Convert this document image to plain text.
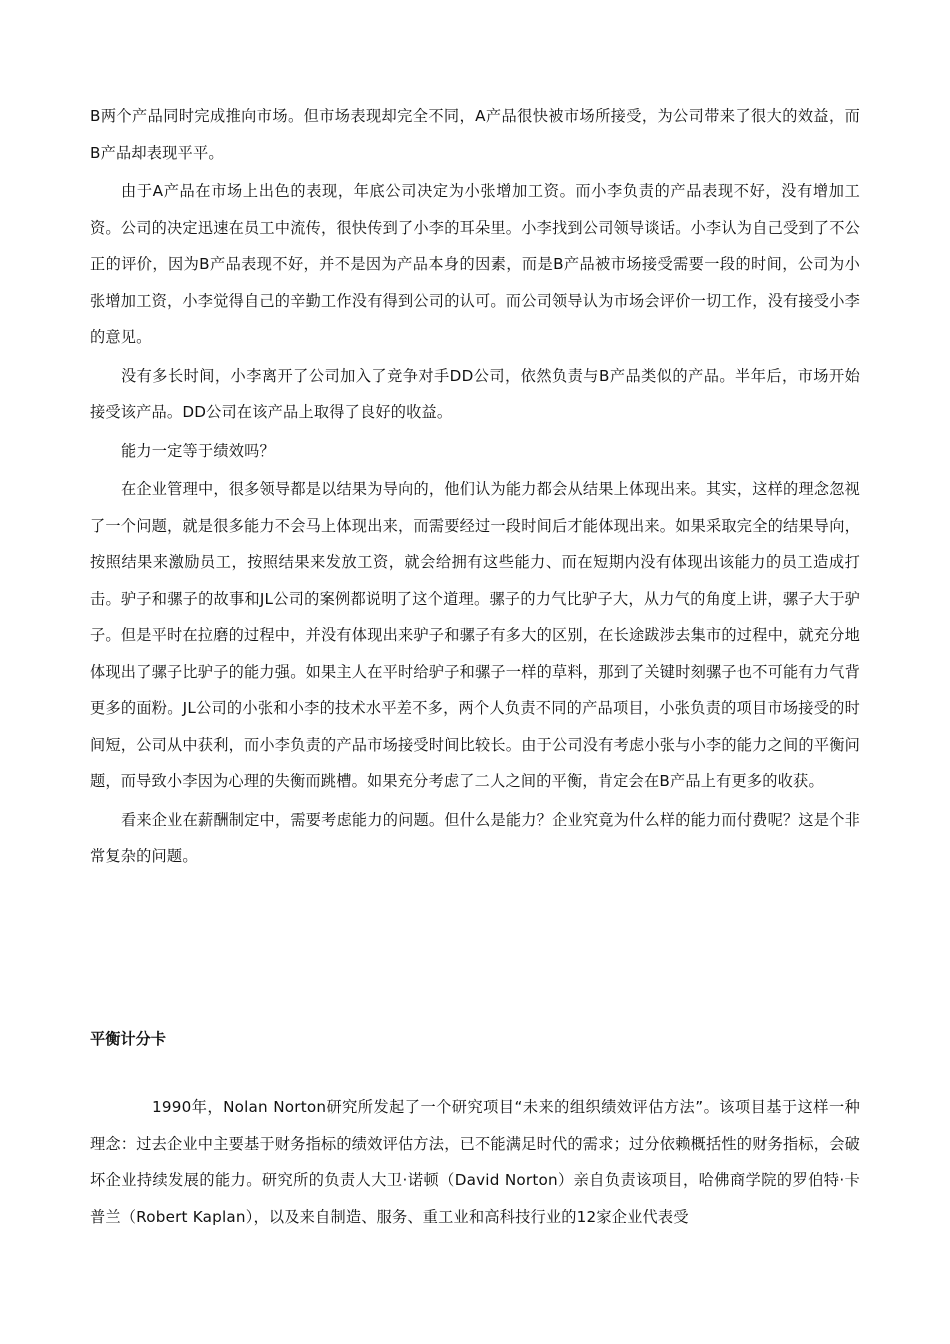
B两个产品同时完成推向市场。但市场表现却完全不同，A产品很快被市场所接受，为公司带来了很大的效益，而B产品却表现平平。

由于A产品在市场上出色的表现，年底公司决定为小张增加工资。而小李负责的产品表现不好，没有增加工资。公司的决定迅速在员工中流传，很快传到了小李的耳朵里。小李找到公司领导谈话。小李认为自己受到了不公正的评价，因为B产品表现不好，并不是因为产品本身的因素，而是B产品被市场接受需要一段的时间，公司为小张增加工资，小李觉得自己的辛勤工作没有得到公司的认可。而公司领导认为市场会评价一切工作，没有接受小李的意见。

没有多长时间，小李离开了公司加入了竞争对手DD公司，依然负责与B产品类似的产品。半年后，市场开始接受该产品。DD公司在该产品上取得了良好的收益。

能力一定等于绩效吗？

在企业管理中，很多领导都是以结果为导向的，他们认为能力都会从结果上体现出来。其实，这样的理念忽视了一个问题，就是很多能力不会马上体现出来，而需要经过一段时间后才能体现出来。如果采取完全的结果导向，按照结果来激励员工，按照结果来发放工资，就会给拥有这些能力、而在短期内没有体现出该能力的员工造成打击。驴子和骡子的故事和JL公司的案例都说明了这个道理。骡子的力气比驴子大，从力气的角度上讲，骡子大于驴子。但是平时在拉磨的过程中，并没有体现出来驴子和骡子有多大的区别，在长途跋涉去集市的过程中，就充分地体现出了骡子比驴子的能力强。如果主人在平时给驴子和骡子一样的草料，那到了关键时刻骡子也不可能有力气背更多的面粉。JL公司的小张和小李的技术水平差不多，两个人负责不同的产品项目，小张负责的项目市场接受的时间短，公司从中获利，而小李负责的产品市场接受时间比较长。由于公司没有考虑小张与小李的能力之间的平衡问题，而导致小李因为心理的失衡而跳槽。如果充分考虑了二人之间的平衡，肯定会在B产品上有更多的收获。

看来企业在薪酬制定中，需要考虑能力的问题。但什么是能力？企业究竟为什么样的能力而付费呢？这是个非常复杂的问题。

平衡计分卡

1990年，Nolan Norton研究所发起了一个研究项目“未来的组织绩效评估方法”。该项目基于这样一种理念：过去企业中主要基于财务指标的绩效评估方法，已不能满足时代的需求；过分依赖概括性的财务指标，会破坏企业持续发展的能力。研究所的负责人大卫·诺顿（David Norton）亲自负责该项目，哈佛商学院的罗伯特·卡普兰（Robert Kaplan），以及来自制造、服务、重工业和高科技行业的12家企业代表受
